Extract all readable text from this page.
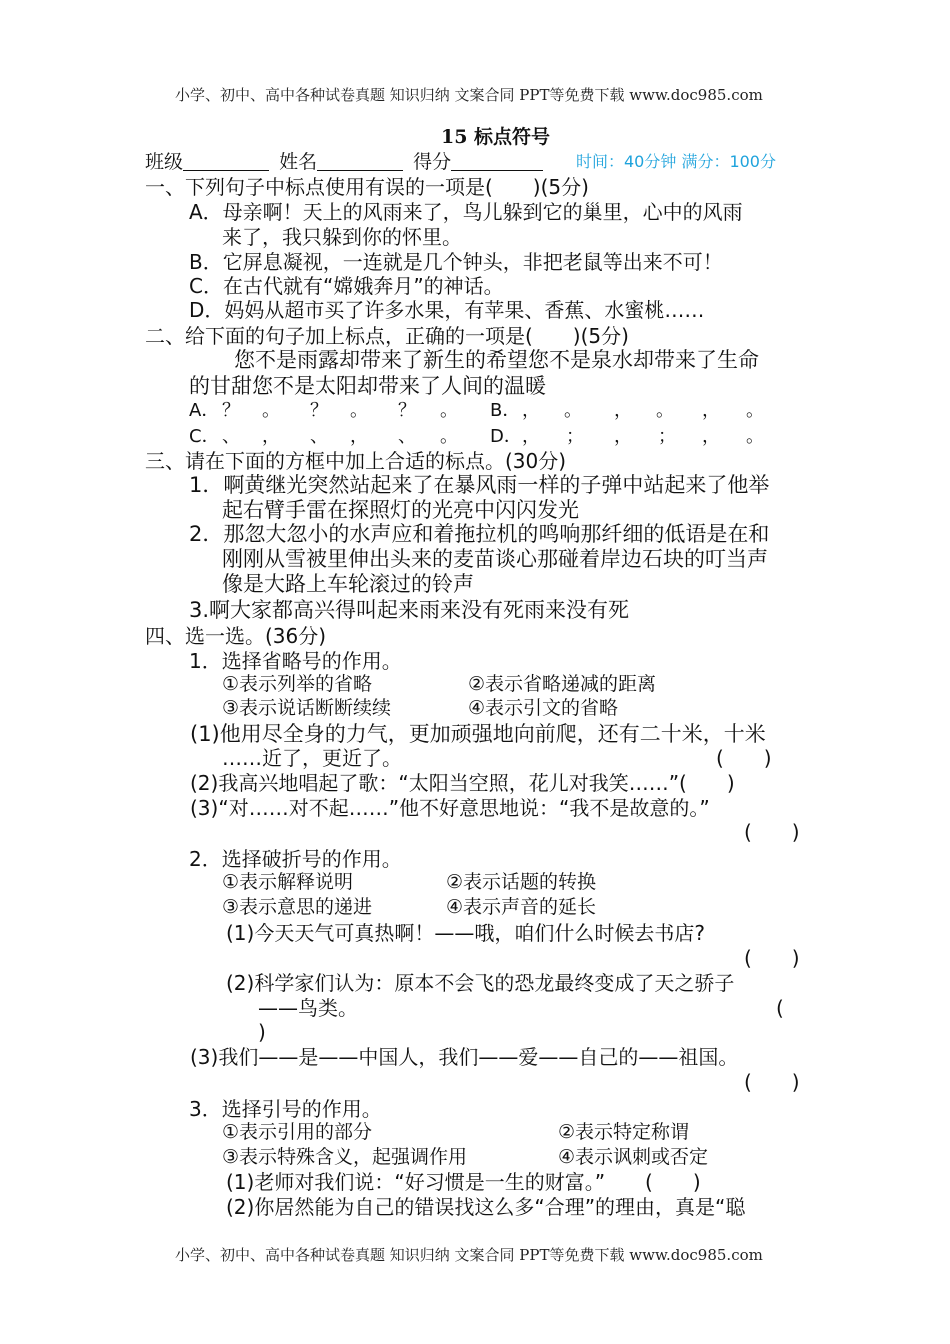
小学、初中、高中各种试卷真题 知识归纳 文案合同 PPT等免费下载 www.doc985.com
小学、初中、高中各种试卷真题 知识归纳 文案合同 PPT等免费下载 www.doc985.com
15 标点符号
班级	姓名	得分	时间：40分钟 满分：100分
一、下列句子中标点使用有误的一项是(　　)(5分)
A．母亲啊！天上的风雨来了，鸟儿躲到它的巢里，心中的风雨
来了，我只躲到你的怀里。
B．它屏息凝视，一连就是几个钟头，非把老鼠等出来不可！
C．在古代就有“嫦娥奔月”的神话。
D．妈妈从超市买了许多水果，有苹果、香蕉、水蜜桃……
二、给下面的句子加上标点，正确的一项是(　　)(5分)
您不是雨露却带来了新生的希望您不是泉水却带来了生命
的甘甜您不是太阳却带来了人间的温暖
A． ？ 。 ？ 。 ？ 。 B． ， 。 ， 。 ， 。
C． 、 ， 、 ， 、 。 D． ， ； ， ； ， 。
三、请在下面的方框中加上合适的标点。(30分)
1．啊黄继光突然站起来了在暴风雨一样的子弹中站起来了他举
起右臂手雷在探照灯的光亮中闪闪发光
2．那忽大忽小的水声应和着拖拉机的鸣响那纤细的低语是在和
刚刚从雪被里伸出头来的麦苗谈心那碰着岸边石块的叮当声
像是大路上车轮滚过的铃声
3.啊大家都高兴得叫起来雨来没有死雨来没有死
四、选一选。(36分)
1．选择省略号的作用。
①表示列举的省略	②表示省略递减的距离
③表示说话断断续续	④表示引文的省略
(1)他用尽全身的力气，更加顽强地向前爬，还有二十米，十米
……近了，更近了。	(　　)
(2)我高兴地唱起了歌：“太阳当空照，花儿对我笑……”(　　)
(3)“对……对不起……”他不好意思地说：“我不是故意的。”
(　　)
2．选择破折号的作用。
①表示解释说明	②表示话题的转换
③表示意思的递进	④表示声音的延长
(1)今天天气可真热啊！——哦，咱们什么时候去书店?
(　　)
(2)科学家们认为：原本不会飞的恐龙最终变成了天之骄子
——鸟类。	(
)
(3)我们——是——中国人，我们——爱——自己的——祖国。
(　　)
3．选择引号的作用。
①表示引用的部分	②表示特定称谓
③表示特殊含义，起强调作用	④表示讽刺或否定
(1)老师对我们说：“好习惯是一生的财富。”　　(　　)
(2)你居然能为自己的错误找这么多“合理”的理由，真是“聪
